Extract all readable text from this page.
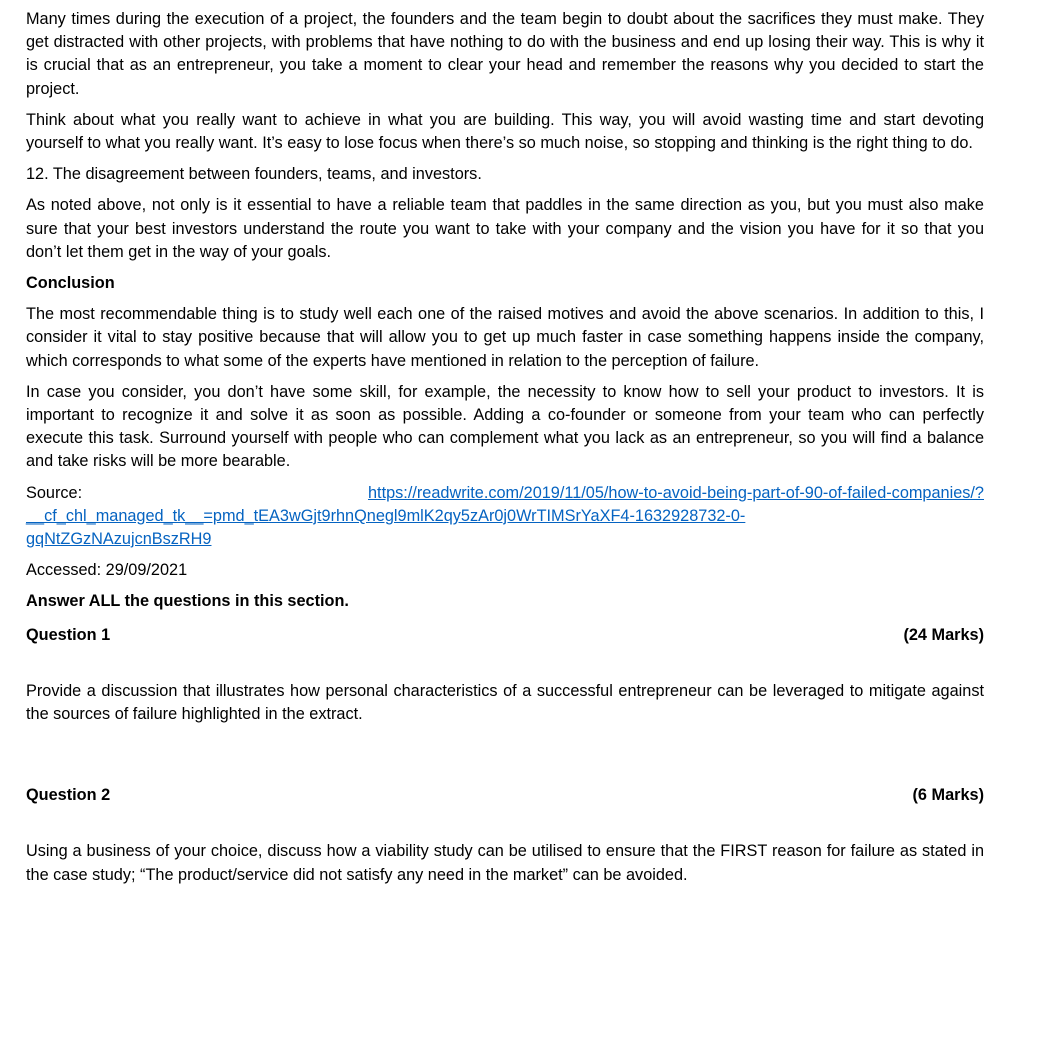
Many times during the execution of a project, the founders and the team begin to doubt about the sacrifices they must make. They get distracted with other projects, with problems that have nothing to do with the business and end up losing their way. This is why it is crucial that as an entrepreneur, you take a moment to clear your head and remember the reasons why you decided to start the project.

Think about what you really want to achieve in what you are building. This way, you will avoid wasting time and start devoting yourself to what you really want. It’s easy to lose focus when there’s so much noise, so stopping and thinking is the right thing to do.

12. The disagreement between founders, teams, and investors.

As noted above, not only is it essential to have a reliable team that paddles in the same direction as you, but you must also make sure that your best investors understand the route you want to take with your company and the vision you have for it so that you don’t let them get in the way of your goals.

Conclusion

The most recommendable thing is to study well each one of the raised motives and avoid the above scenarios. In addition to this, I consider it vital to stay positive because that will allow you to get up much faster in case something happens inside the company, which corresponds to what some of the experts have mentioned in relation to the perception of failure.

In case you consider, you don’t have some skill, for example, the necessity to know how to sell your product to investors. It is important to recognize it and solve it as soon as possible. Adding a co-founder or someone from your team who can perfectly execute this task. Surround yourself with people who can complement what you lack as an entrepreneur, so you will find a balance and take risks will be more bearable.

Source:	https://readwrite.com/2019/11/05/how-to-avoid-being-part-of-90-of-failed-companies/?
__cf_chl_managed_tk__=pmd_tEA3wGjt9rhnQnegl9mlK2qy5zAr0j0WrTIMSrYaXF4-1632928732-0-
gqNtZGzNAzujcnBszRH9

Accessed: 29/09/2021

Answer ALL the questions in this section.

Question 1	(24 Marks)

Provide a discussion that illustrates how personal characteristics of a successful entrepreneur can be leveraged to mitigate against the sources of failure highlighted in the extract.

Question 2	(6 Marks)

Using a business of your choice, discuss how a viability study can be utilised to ensure that the FIRST reason for failure as stated in the case study; “The product/service did not satisfy any need in the market” can be avoided.
